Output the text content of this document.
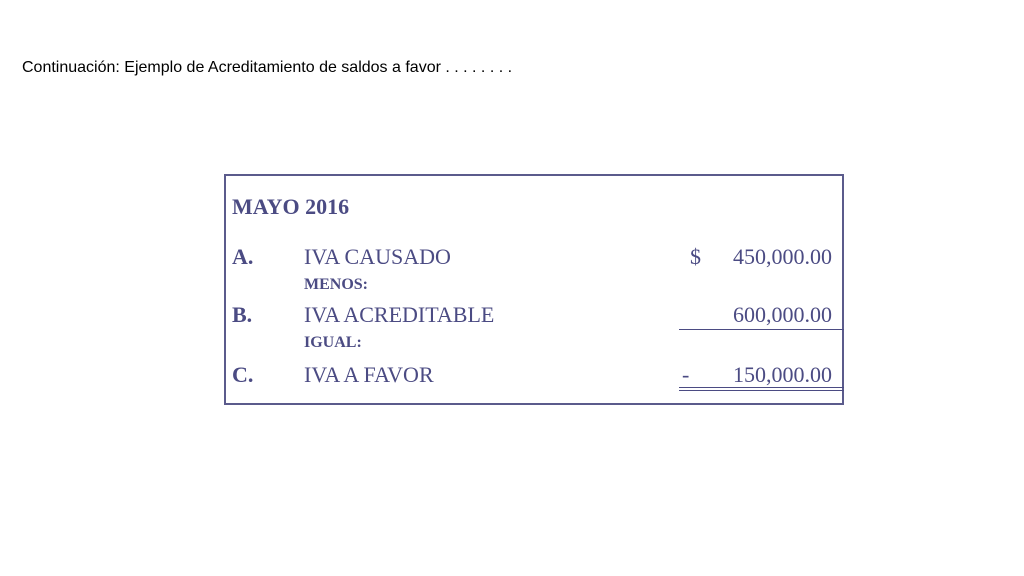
Continuación: Ejemplo de Acreditamiento de saldos a favor . . . . . . . .
MAYO 2016
A. IVA CAUSADO	$ 450,000.00
MENOS:
B. IVA ACREDITABLE	600,000.00
IGUAL:
C. IVA A FAVOR	- 150,000.00
